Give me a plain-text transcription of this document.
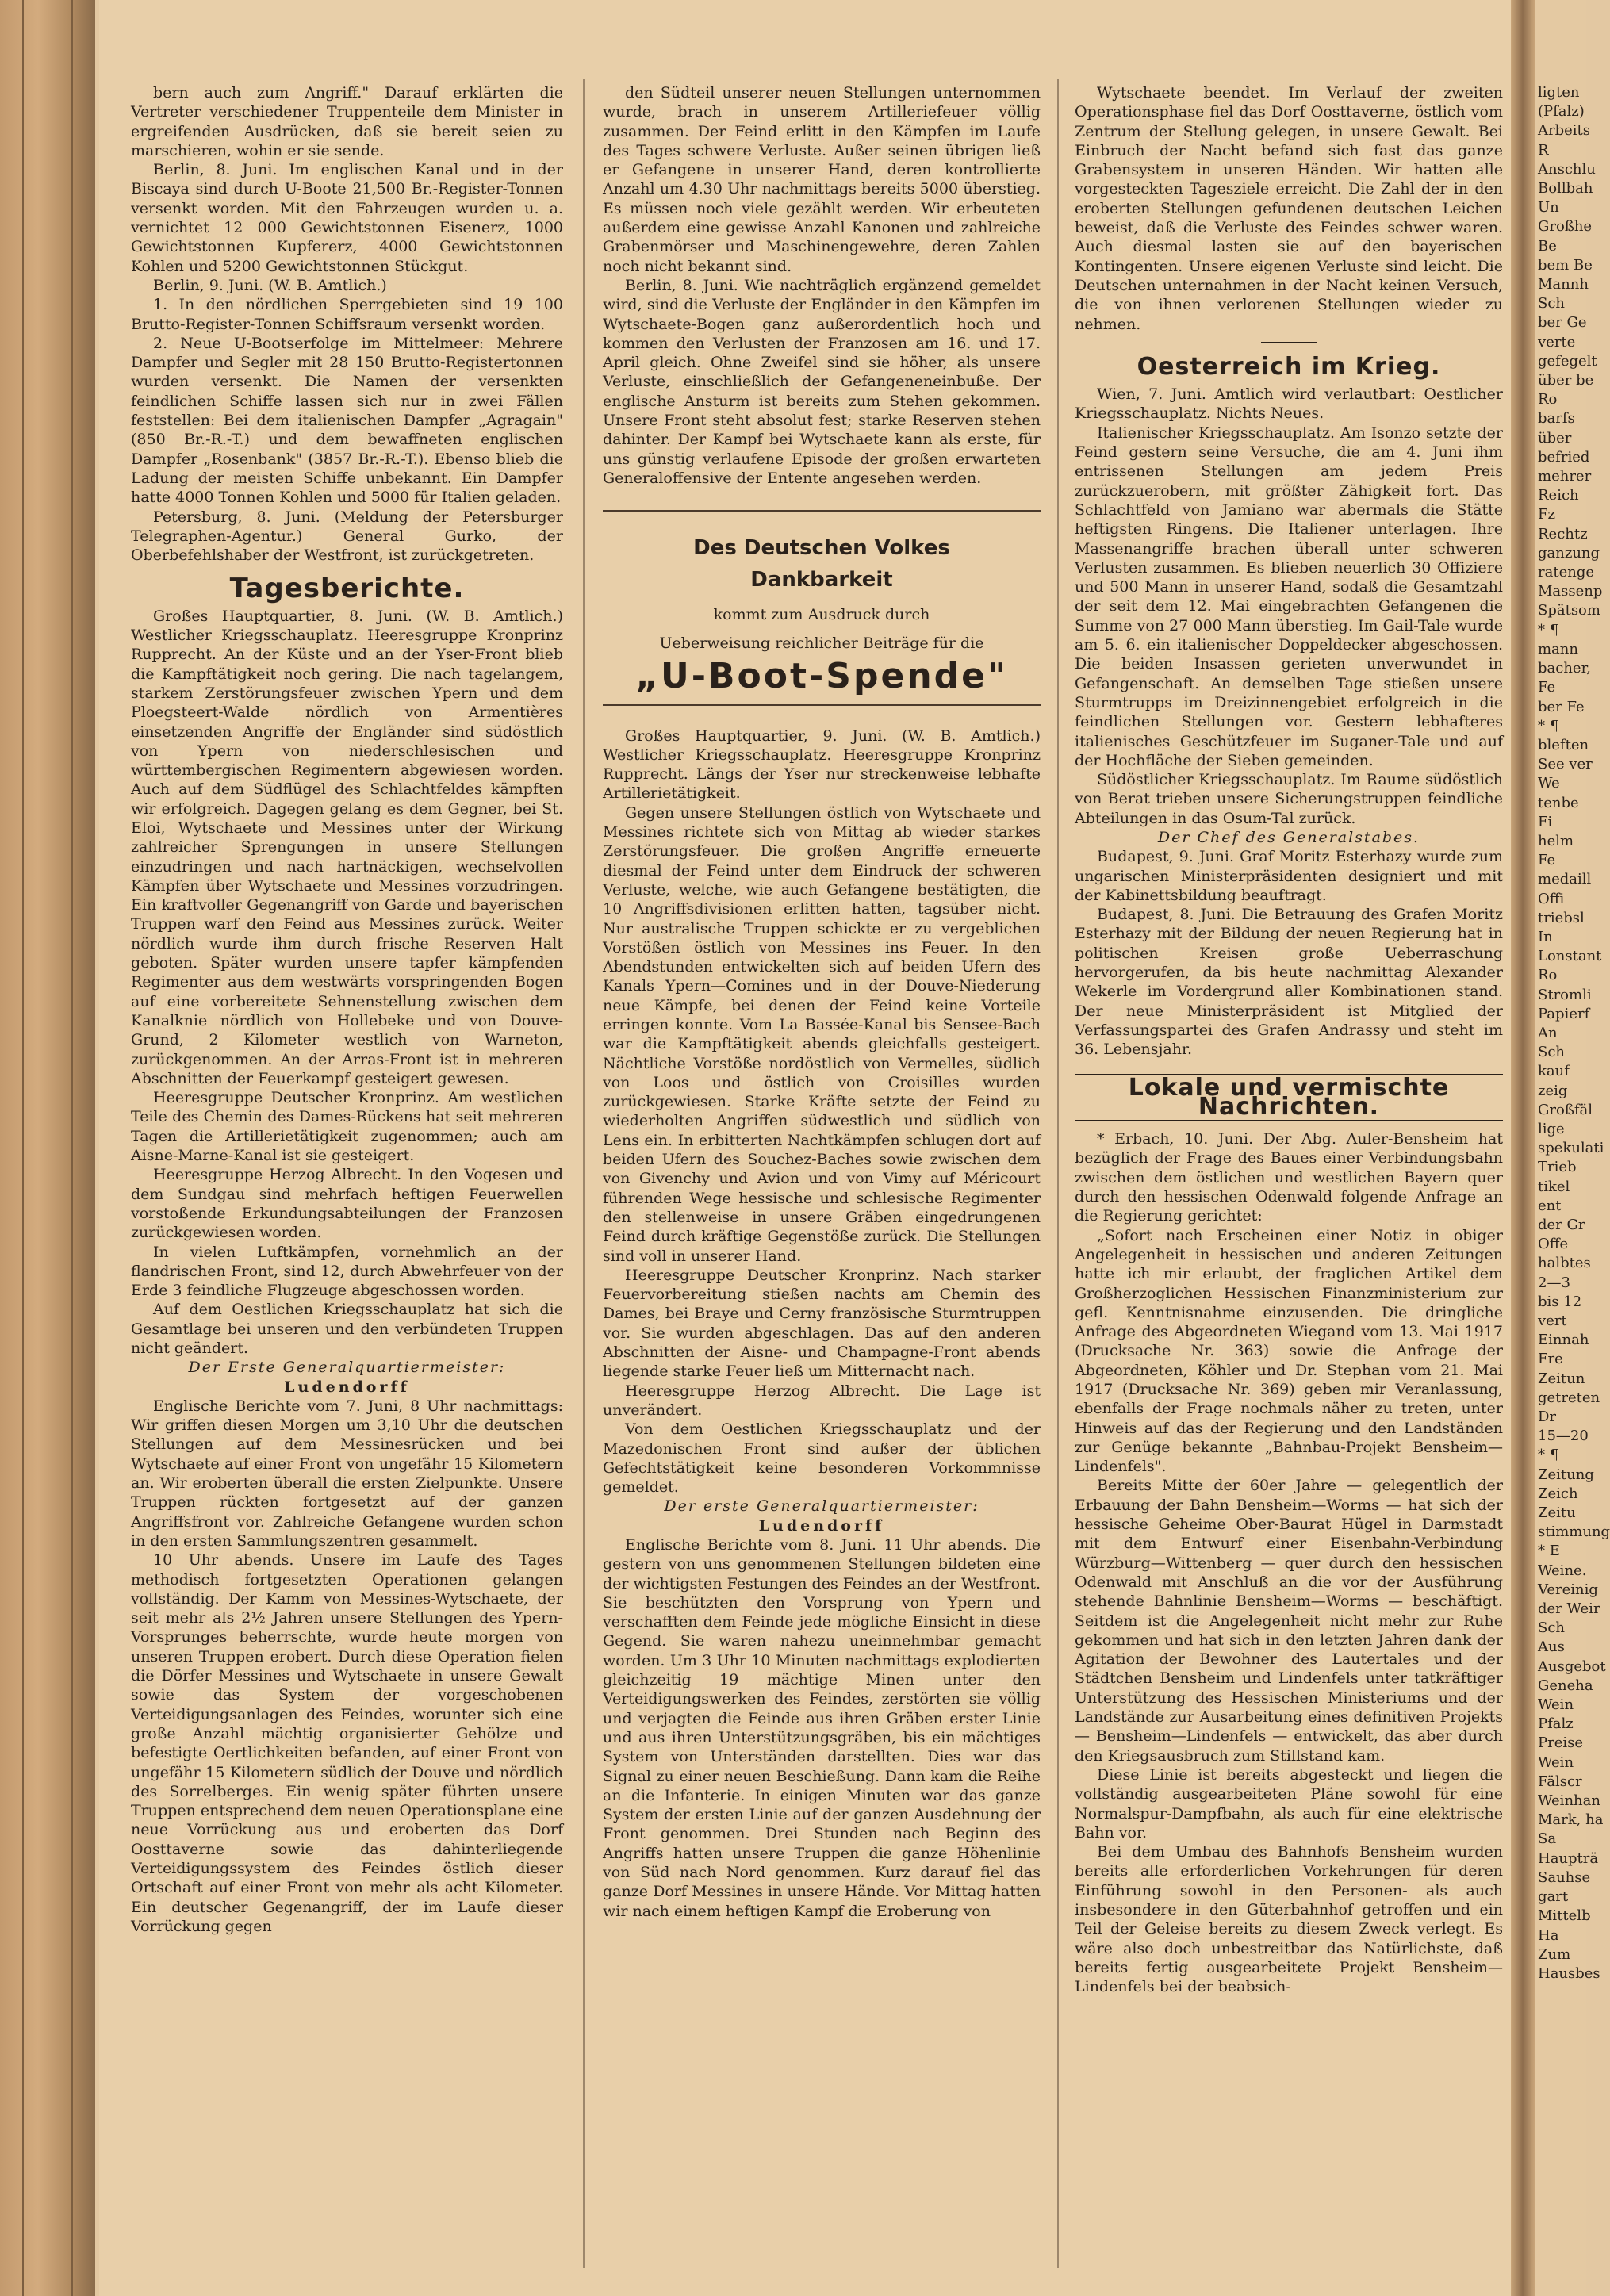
bern auch zum Angriff." Darauf erklärten die Vertreter verschiedener Truppenteile dem Minister in ergreifenden Ausdrücken, daß sie bereit seien zu marschieren, wohin er sie sende.

Berlin, 8. Juni. Im englischen Kanal und in der Biscaya sind durch U-Boote 21,500 Br.-Register-Tonnen versenkt worden. Mit den Fahrzeugen wurden u. a. vernichtet 12 000 Gewichtstonnen Eisenerz, 1000 Gewichtstonnen Kupfererz, 4000 Gewichtstonnen Kohlen und 5200 Gewichtstonnen Stückgut.

Berlin, 9. Juni. (W. B. Amtlich.)

1. In den nördlichen Sperrgebieten sind 19 100 Brutto-Register-Tonnen Schiffsraum versenkt worden.

2. Neue U-Bootserfolge im Mittelmeer: Mehrere Dampfer und Segler mit 28 150 Brutto-Registertonnen wurden versenkt. Die Namen der versenkten feindlichen Schiffe lassen sich nur in zwei Fällen feststellen: Bei dem italienischen Dampfer „Agragain" (850 Br.-R.-T.) und dem bewaffneten englischen Dampfer „Rosenbank" (3857 Br.-R.-T.). Ebenso blieb die Ladung der meisten Schiffe unbekannt. Ein Dampfer hatte 4000 Tonnen Kohlen und 5000 für Italien geladen.

Petersburg, 8. Juni. (Meldung der Petersburger Telegraphen-Agentur.) General Gurko, der Oberbefehlshaber der Westfront, ist zurückgetreten.

Tagesberichte.

Großes Hauptquartier, 8. Juni. (W. B. Amtlich.) Westlicher Kriegsschauplatz. Heeresgruppe Kronprinz Rupprecht. An der Küste und an der Yser-Front blieb die Kampftätigkeit noch gering. Die nach tagelangem, starkem Zerstörungsfeuer zwischen Ypern und dem Ploegsteert-Walde nördlich von Armentières einsetzenden Angriffe der Engländer sind südöstlich von Ypern von niederschlesischen und württembergischen Regimentern abgewiesen worden. Auch auf dem Südflügel des Schlachtfeldes kämpften wir erfolgreich. Dagegen gelang es dem Gegner, bei St. Eloi, Wytschaete und Messines unter der Wirkung zahlreicher Sprengungen in unsere Stellungen einzudringen und nach hartnäckigen, wechselvollen Kämpfen über Wytschaete und Messines vorzudringen. Ein kraftvoller Gegenangriff von Garde und bayerischen Truppen warf den Feind aus Messines zurück. Weiter nördlich wurde ihm durch frische Reserven Halt geboten. Später wurden unsere tapfer kämpfenden Regimenter aus dem westwärts vorspringenden Bogen auf eine vorbereitete Sehnenstellung zwischen dem Kanalknie nördlich von Hollebeke und von Douve-Grund, 2 Kilometer westlich von Warneton, zurückgenommen. An der Arras-Front ist in mehreren Abschnitten der Feuerkampf gesteigert gewesen.

Heeresgruppe Deutscher Kronprinz. Am westlichen Teile des Chemin des Dames-Rückens hat seit mehreren Tagen die Artillerietätigkeit zugenommen; auch am Aisne-Marne-Kanal ist sie gesteigert.

Heeresgruppe Herzog Albrecht. In den Vogesen und dem Sundgau sind mehrfach heftigen Feuerwellen vorstoßende Erkundungsabteilungen der Franzosen zurückgewiesen worden.

In vielen Luftkämpfen, vornehmlich an der flandrischen Front, sind 12, durch Abwehrfeuer von der Erde 3 feindliche Flugzeuge abgeschossen worden.

Auf dem Oestlichen Kriegsschauplatz hat sich die Gesamtlage bei unseren und den verbündeten Truppen nicht geändert.

Der Erste Generalquartiermeister:

Ludendorff

Englische Berichte vom 7. Juni, 8 Uhr nachmittags: Wir griffen diesen Morgen um 3,10 Uhr die deutschen Stellungen auf dem Messinesrücken und bei Wytschaete auf einer Front von ungefähr 15 Kilometern an. Wir eroberten überall die ersten Zielpunkte. Unsere Truppen rückten fortgesetzt auf der ganzen Angriffsfront vor. Zahlreiche Gefangene wurden schon in den ersten Sammlungszentren gesammelt.

10 Uhr abends. Unsere im Laufe des Tages methodisch fortgesetzten Operationen gelangen vollständig. Der Kamm von Messines-Wytschaete, der seit mehr als 2½ Jahren unsere Stellungen des Ypern-Vorsprunges beherrschte, wurde heute morgen von unseren Truppen erobert. Durch diese Operation fielen die Dörfer Messines und Wytschaete in unsere Gewalt sowie das System der vorgeschobenen Verteidigungsanlagen des Feindes, worunter sich eine große Anzahl mächtig organisierter Gehölze und befestigte Oertlichkeiten befanden, auf einer Front von ungefähr 15 Kilometern südlich der Douve und nördlich des Sorrelberges. Ein wenig später führten unsere Truppen entsprechend dem neuen Operationsplane eine neue Vorrückung aus und eroberten das Dorf Oosttaverne sowie das dahinterliegende Verteidigungssystem des Feindes östlich dieser Ortschaft auf einer Front von mehr als acht Kilometer. Ein deutscher Gegenangriff, der im Laufe dieser Vorrückung gegen

den Südteil unserer neuen Stellungen unternommen wurde, brach in unserem Artilleriefeuer völlig zusammen. Der Feind erlitt in den Kämpfen im Laufe des Tages schwere Verluste. Außer seinen übrigen ließ er Gefangene in unserer Hand, deren kontrollierte Anzahl um 4.30 Uhr nachmittags bereits 5000 überstieg. Es müssen noch viele gezählt werden. Wir erbeuteten außerdem eine gewisse Anzahl Kanonen und zahlreiche Grabenmörser und Maschinengewehre, deren Zahlen noch nicht bekannt sind.

Berlin, 8. Juni. Wie nachträglich ergänzend gemeldet wird, sind die Verluste der Engländer in den Kämpfen im Wytschaete-Bogen ganz außerordentlich hoch und kommen den Verlusten der Franzosen am 16. und 17. April gleich. Ohne Zweifel sind sie höher, als unsere Verluste, einschließlich der Gefangeneneinbuße. Der englische Ansturm ist bereits zum Stehen gekommen. Unsere Front steht absolut fest; starke Reserven stehen dahinter. Der Kampf bei Wytschaete kann als erste, für uns günstig verlaufene Episode der großen erwarteten Generaloffensive der Entente angesehen werden.

Des Deutschen Volkes
Dankbarkeit
kommt zum Ausdruck durch
Ueberweisung reichlicher Beiträge für die
„U-Boot-Spende"

Großes Hauptquartier, 9. Juni. (W. B. Amtlich.) Westlicher Kriegsschauplatz. Heeresgruppe Kronprinz Rupprecht. Längs der Yser nur streckenweise lebhafte Artillerietätigkeit.

Gegen unsere Stellungen östlich von Wytschaete und Messines richtete sich von Mittag ab wieder starkes Zerstörungsfeuer. Die großen Angriffe erneuerte diesmal der Feind unter dem Eindruck der schweren Verluste, welche, wie auch Gefangene bestätigten, die 10 Angriffsdivisionen erlitten hatten, tagsüber nicht. Nur australische Truppen schickte er zu vergeblichen Vorstößen östlich von Messines ins Feuer. In den Abendstunden entwickelten sich auf beiden Ufern des Kanals Ypern—Comines und in der Douve-Niederung neue Kämpfe, bei denen der Feind keine Vorteile erringen konnte. Vom La Bassée-Kanal bis Sensee-Bach war die Kampftätigkeit abends gleichfalls gesteigert. Nächtliche Vorstöße nordöstlich von Vermelles, südlich von Loos und östlich von Croisilles wurden zurückgewiesen. Starke Kräfte setzte der Feind zu wiederholten Angriffen südwestlich und südlich von Lens ein. In erbitterten Nachtkämpfen schlugen dort auf beiden Ufern des Souchez-Baches sowie zwischen dem von Givenchy und Avion und von Vimy auf Méricourt führenden Wege hessische und schlesische Regimenter den stellenweise in unsere Gräben eingedrungenen Feind durch kräftige Gegenstöße zurück. Die Stellungen sind voll in unserer Hand.

Heeresgruppe Deutscher Kronprinz. Nach starker Feuervorbereitung stießen nachts am Chemin des Dames, bei Braye und Cerny französische Sturmtruppen vor. Sie wurden abgeschlagen. Das auf den anderen Abschnitten der Aisne- und Champagne-Front abends liegende starke Feuer ließ um Mitternacht nach.

Heeresgruppe Herzog Albrecht. Die Lage ist unverändert.

Von dem Oestlichen Kriegsschauplatz und der Mazedonischen Front sind außer der üblichen Gefechtstätigkeit keine besonderen Vorkommnisse gemeldet.

Der erste Generalquartiermeister:

Ludendorff

Englische Berichte vom 8. Juni. 11 Uhr abends. Die gestern von uns genommenen Stellungen bildeten eine der wichtigsten Festungen des Feindes an der Westfront. Sie beschützten den Vorsprung von Ypern und verschafften dem Feinde jede mögliche Einsicht in diese Gegend. Sie waren nahezu uneinnehmbar gemacht worden. Um 3 Uhr 10 Minuten nachmittags explodierten gleichzeitig 19 mächtige Minen unter den Verteidigungswerken des Feindes, zerstörten sie völlig und verjagten die Feinde aus ihren Gräben erster Linie und aus ihren Unterstützungsgräben, bis ein mächtiges System von Unterständen darstellten. Dies war das Signal zu einer neuen Beschießung. Dann kam die Reihe an die Infanterie. In einigen Minuten war das ganze System der ersten Linie auf der ganzen Ausdehnung der Front genommen. Drei Stunden nach Beginn des Angriffs hatten unsere Truppen die ganze Höhenlinie von Süd nach Nord genommen. Kurz darauf fiel das ganze Dorf Messines in unsere Hände. Vor Mittag hatten wir nach einem heftigen Kampf die Eroberung von

Wytschaete beendet. Im Verlauf der zweiten Operationsphase fiel das Dorf Oosttaverne, östlich vom Zentrum der Stellung gelegen, in unsere Gewalt. Bei Einbruch der Nacht befand sich fast das ganze Grabensystem in unseren Händen. Wir hatten alle vorgesteckten Tagesziele erreicht. Die Zahl der in den eroberten Stellungen gefundenen deutschen Leichen beweist, daß die Verluste des Feindes schwer waren. Auch diesmal lasten sie auf den bayerischen Kontingenten. Unsere eigenen Verluste sind leicht. Die Deutschen unternahmen in der Nacht keinen Versuch, die von ihnen verlorenen Stellungen wieder zu nehmen.

Oesterreich im Krieg.

Wien, 7. Juni. Amtlich wird verlautbart: Oestlicher Kriegsschauplatz. Nichts Neues.

Italienischer Kriegsschauplatz. Am Isonzo setzte der Feind gestern seine Versuche, die am 4. Juni ihm entrissenen Stellungen am jedem Preis zurückzuerobern, mit größter Zähigkeit fort. Das Schlachtfeld von Jamiano war abermals die Stätte heftigsten Ringens. Die Italiener unterlagen. Ihre Massenangriffe brachen überall unter schweren Verlusten zusammen. Es blieben neuerlich 30 Offiziere und 500 Mann in unserer Hand, sodaß die Gesamtzahl der seit dem 12. Mai eingebrachten Gefangenen die Summe von 27 000 Mann überstieg. Im Gail-Tale wurde am 5. 6. ein italienischer Doppeldecker abgeschossen. Die beiden Insassen gerieten unverwundet in Gefangenschaft. An demselben Tage stießen unsere Sturmtrupps im Dreizinnengebiet erfolgreich in die feindlichen Stellungen vor. Gestern lebhafteres italienisches Geschützfeuer im Suganer-Tale und auf der Hochfläche der Sieben gemeinden.

Südöstlicher Kriegsschauplatz. Im Raume südöstlich von Berat trieben unsere Sicherungstruppen feindliche Abteilungen in das Osum-Tal zurück.

Der Chef des Generalstabes.

Budapest, 9. Juni. Graf Moritz Esterhazy wurde zum ungarischen Ministerpräsidenten designiert und mit der Kabinettsbildung beauftragt.

Budapest, 8. Juni. Die Betrauung des Grafen Moritz Esterhazy mit der Bildung der neuen Regierung hat in politischen Kreisen große Ueberraschung hervorgerufen, da bis heute nachmittag Alexander Wekerle im Vordergrund aller Kombinationen stand. Der neue Ministerpräsident ist Mitglied der Verfassungspartei des Grafen Andrassy und steht im 36. Lebensjahr.

Lokale und vermischte Nachrichten.

* Erbach, 10. Juni. Der Abg. Auler-Bensheim hat bezüglich der Frage des Baues einer Verbindungsbahn zwischen dem östlichen und westlichen Bayern quer durch den hessischen Odenwald folgende Anfrage an die Regierung gerichtet:

„Sofort nach Erscheinen einer Notiz in obiger Angelegenheit in hessischen und anderen Zeitungen hatte ich mir erlaubt, der fraglichen Artikel dem Großherzoglichen Hessischen Finanzministerium zur gefl. Kenntnisnahme einzusenden. Die dringliche Anfrage des Abgeordneten Wiegand vom 13. Mai 1917 (Drucksache Nr. 363) sowie die Anfrage der Abgeordneten, Köhler und Dr. Stephan vom 21. Mai 1917 (Drucksache Nr. 369) geben mir Veranlassung, ebenfalls der Frage nochmals näher zu treten, unter Hinweis auf das der Regierung und den Landständen zur Genüge bekannte „Bahnbau-Projekt Bensheim—Lindenfels".

Bereits Mitte der 60er Jahre — gelegentlich der Erbauung der Bahn Bensheim—Worms — hat sich der hessische Geheime Ober-Baurat Hügel in Darmstadt mit dem Entwurf einer Eisenbahn-Verbindung Würzburg—Wittenberg — quer durch den hessischen Odenwald mit Anschluß an die vor der Ausführung stehende Bahnlinie Bensheim—Worms — beschäftigt. Seitdem ist die Angelegenheit nicht mehr zur Ruhe gekommen und hat sich in den letzten Jahren dank der Agitation der Bewohner des Lautertales und der Städtchen Bensheim und Lindenfels unter tatkräftiger Unterstützung des Hessischen Ministeriums und der Landstände zur Ausarbeitung eines definitiven Projekts — Bensheim—Lindenfels — entwickelt, das aber durch den Kriegsausbruch zum Stillstand kam.

Diese Linie ist bereits abgesteckt und liegen die vollständig ausgearbeiteten Pläne sowohl für eine Normalspur-Dampfbahn, als auch für eine elektrische Bahn vor.

Bei dem Umbau des Bahnhofs Bensheim wurden bereits alle erforderlichen Vorkehrungen für deren Einführung sowohl in den Personen- als auch insbesondere in den Güterbahnhof getroffen und ein Teil der Geleise bereits zu diesem Zweck verlegt. Es wäre also doch unbestreitbar das Natürlichste, daß bereits fertig ausgearbeitete Projekt Bensheim—Lindenfels bei der beabsich-

ligten
(Pfalz)
Arbeits
R
Anschlu
Bollbah
Un
Großhe
Be
bem Be
Mannh
Sch
ber Ge
verte
gefegelt
über be
Ro
barfs
über
befried
mehrer
Reich
Fz
Rechtz
ganzung
ratenge
Massenp
Spätsom
* ¶
mann
bacher,
Fe
ber Fe
* ¶
bleften
See ver
We
tenbe
Fi
helm
Fe
medaill
Offi
triebsl
In
Lonstant
Ro
Stromli
Papierf
An
Sch
kauf
zeig
Großfäl
lige
spekulati
Trieb
tikel
ent
der Gr
Offe
halbtes
2—3
bis 12
vert
Einnah
Fre
Zeitun
getreten
Dr
15—20
* ¶
Zeitung
Zeich
Zeitu
stimmung
* E
Weine.
Vereinig
der Weir
Sch
Aus
Ausgebot
Geneha
Wein
Pfalz
Preise
Wein
Fälscr
Weinhan
Mark, ha
Sa
Haupträ
Sauhse
gart
Mittelb
Ha
Zum
Hausbes
